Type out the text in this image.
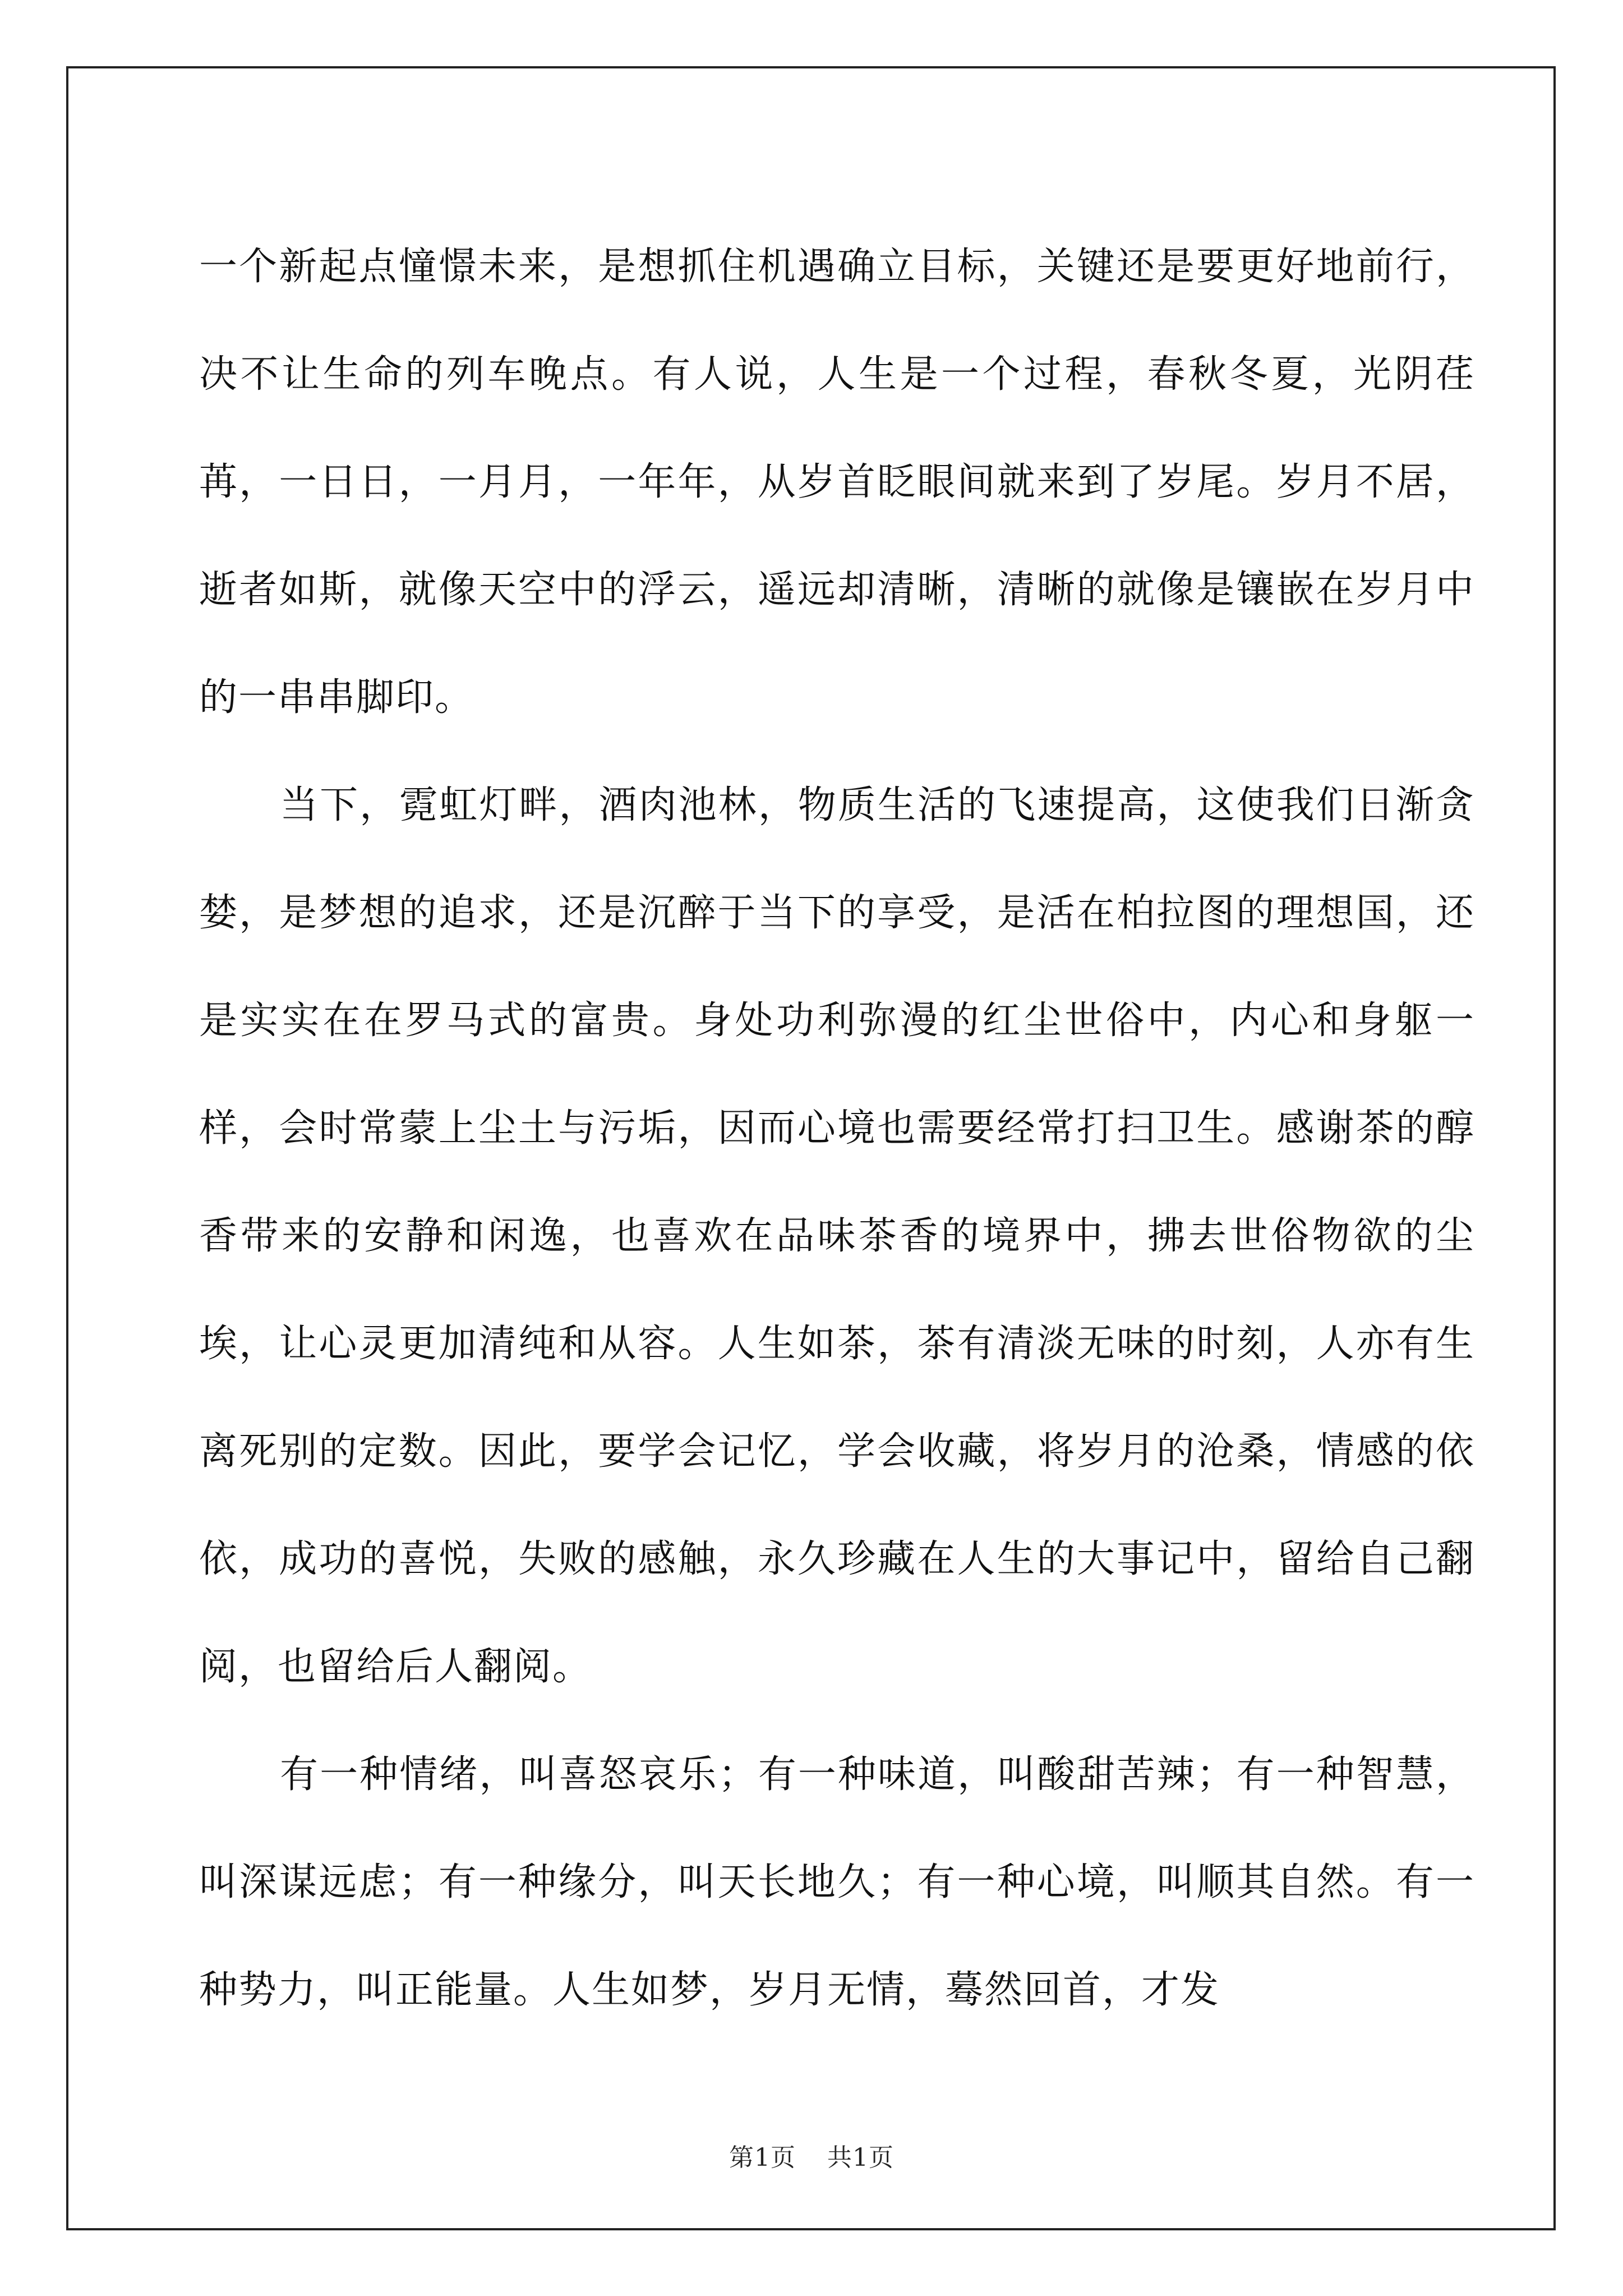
一个新起点憧憬未来，是想抓住机遇确立目标，关键还是要更好地前行，决不让生命的列车晚点。有人说，人生是一个过程，春秋冬夏，光阴荏苒，一日日，一月月，一年年，从岁首眨眼间就来到了岁尾。岁月不居，逝者如斯，就像天空中的浮云，遥远却清晰，清晰的就像是镶嵌在岁月中的一串串脚印。

当下，霓虹灯畔，酒肉池林，物质生活的飞速提高，这使我们日渐贪婪，是梦想的追求，还是沉醉于当下的享受，是活在柏拉图的理想国，还是实实在在罗马式的富贵。身处功利弥漫的红尘世俗中，内心和身躯一样，会时常蒙上尘土与污垢，因而心境也需要经常打扫卫生。感谢茶的醇香带来的安静和闲逸，也喜欢在品味茶香的境界中，拂去世俗物欲的尘埃，让心灵更加清纯和从容。人生如茶，茶有清淡无味的时刻，人亦有生离死别的定数。因此，要学会记忆，学会收藏，将岁月的沧桑，情感的依依，成功的喜悦，失败的感触，永久珍藏在人生的大事记中，留给自己翻阅，也留给后人翻阅。

有一种情绪，叫喜怒哀乐；有一种味道，叫酸甜苦辣；有一种智慧，叫深谋远虑；有一种缘分，叫天长地久；有一种心境，叫顺其自然。有一种势力，叫正能量。人生如梦，岁月无情，蓦然回首，才发

第1页 共1页
